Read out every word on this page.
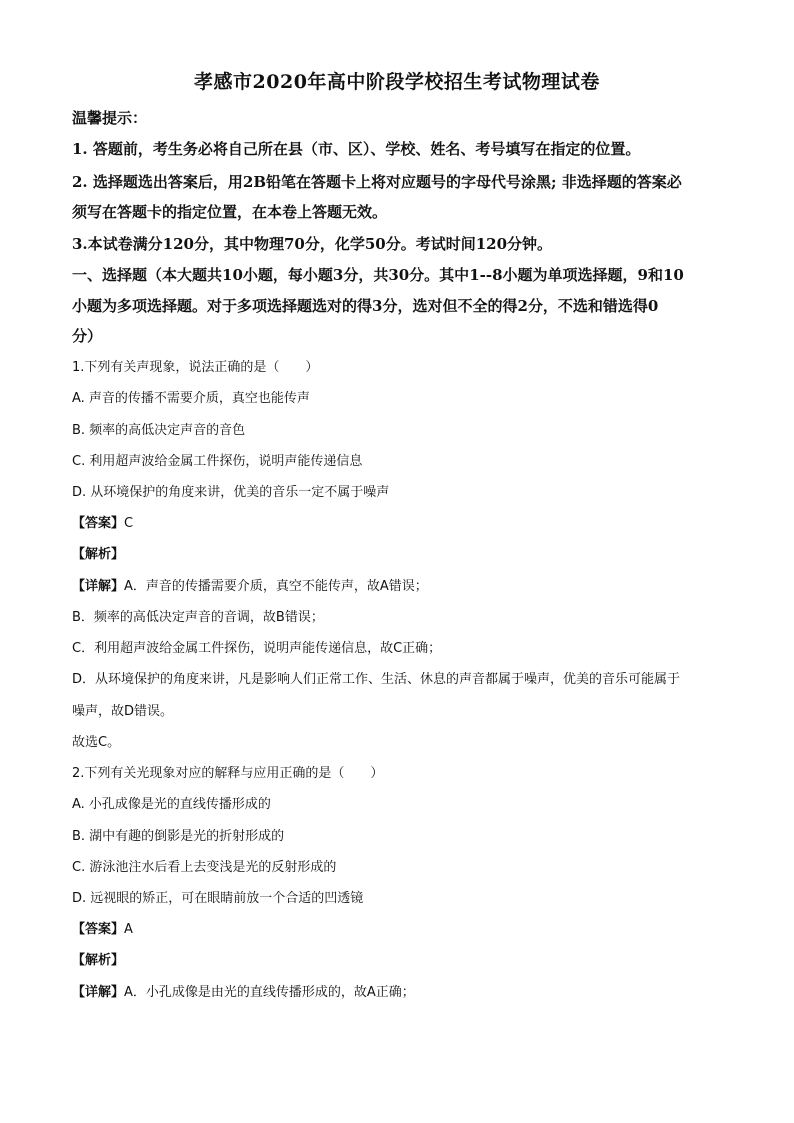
孝感市2020年高中阶段学校招生考试物理试卷
温馨提示：
1. 答题前，考生务必将自己所在县（市、区）、学校、姓名、考号填写在指定的位置。
2. 选择题选出答案后，用2B铅笔在答题卡上将对应题号的字母代号涂黑; 非选择题的答案必
须写在答题卡的指定位置，在本卷上答题无效。
3.本试卷满分120分，其中物理70分，化学50分。考试时间120分钟。
一、选择题（本大题共10小题，每小题3分，共30分。其中1--8小题为单项选择题，9和10
小题为多项选择题。对于多项选择题选对的得3分，选对但不全的得2分，不选和错选得0
分）
1.下列有关声现象，说法正确的是（　　）
A. 声音的传播不需要介质，真空也能传声
B. 频率的高低决定声音的音色
C. 利用超声波给金属工件探伤，说明声能传递信息
D. 从环境保护的角度来讲，优美的音乐一定不属于噪声
【答案】C
【解析】
【详解】A．声音的传播需要介质，真空不能传声，故A错误；
B．频率的高低决定声音的音调，故B错误；
C．利用超声波给金属工件探伤，说明声能传递信息，故C正确；
D．从环境保护的角度来讲，凡是影响人们正常工作、生活、休息的声音都属于噪声，优美的音乐可能属于
噪声，故D错误。
故选C。
2.下列有关光现象对应的解释与应用正确的是（　　）
A. 小孔成像是光的直线传播形成的
B. 湖中有趣的倒影是光的折射形成的
C. 游泳池注水后看上去变浅是光的反射形成的
D. 远视眼的矫正，可在眼睛前放一个合适的凹透镜
【答案】A
【解析】
【详解】A．小孔成像是由光的直线传播形成的，故A正确；
